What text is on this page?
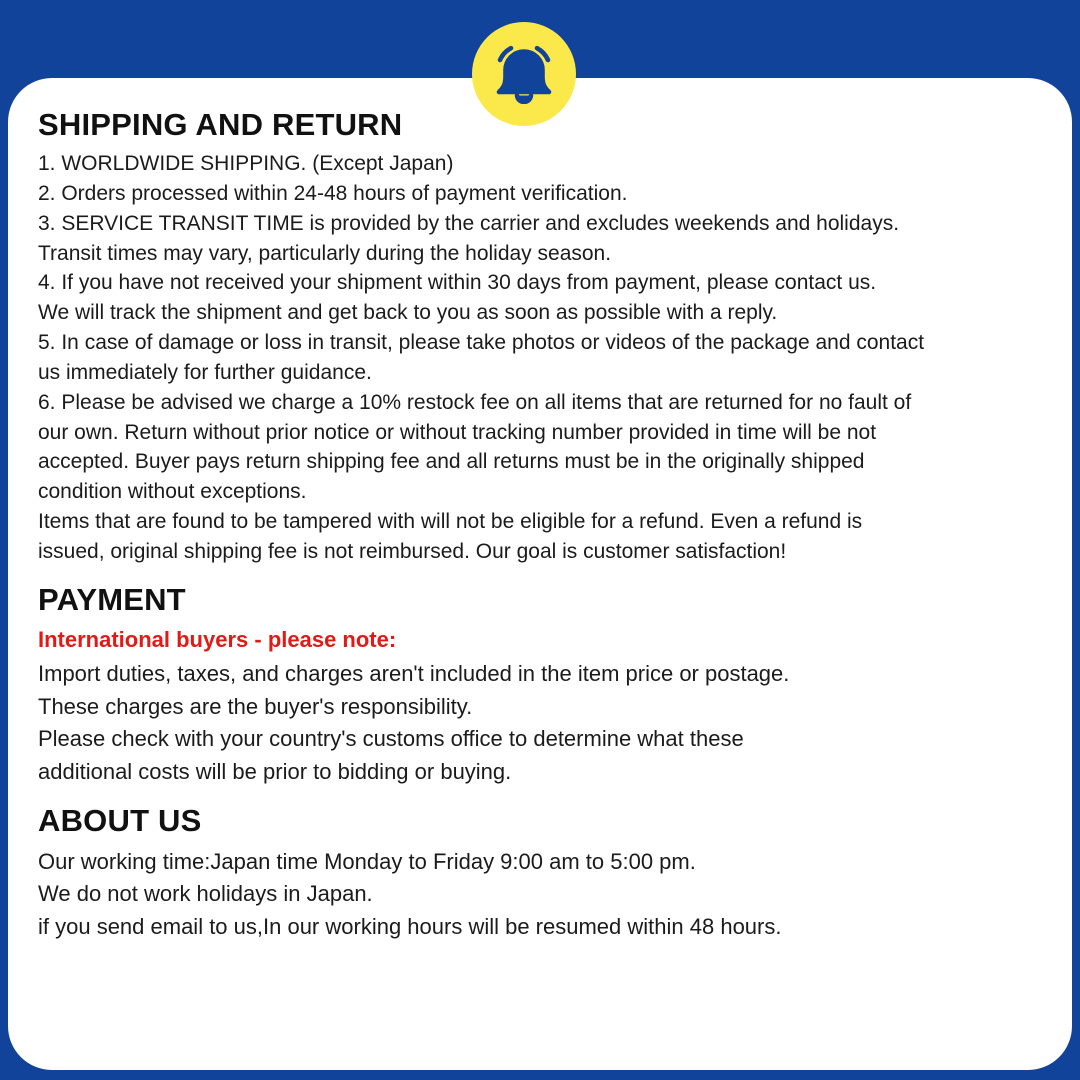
SHIPPING AND RETURN

1. WORLDWIDE SHIPPING. (Except Japan)

2. Orders processed within 24-48 hours of payment verification.

3. SERVICE TRANSIT TIME is provided by the carrier and excludes weekends and holidays.

Transit times may vary, particularly during the holiday season.

4. If you have not received your shipment within 30 days from payment, please contact us.

We will track the shipment and get back to you as soon as possible with a reply.

5. In case of damage or loss in transit, please take photos or videos of the package and contact

us immediately for further guidance.

6. Please be advised we charge a 10% restock fee on all items that are returned for no fault of

our own. Return without prior notice or without tracking number provided in time will be not

accepted. Buyer pays return shipping fee and all returns must be in the originally shipped

condition without exceptions.

Items that are found to be tampered with will not be eligible for a refund. Even a refund is

issued, original shipping fee is not reimbursed. Our goal is customer satisfaction!

PAYMENT

International buyers - please note:

Import duties, taxes, and charges aren't included in the item price or postage.

These charges are the buyer's responsibility.

Please check with your country's customs office to determine what these

additional costs will be prior to bidding or buying.

ABOUT US

Our working time:Japan time Monday to Friday 9:00 am to 5:00 pm.

We do not work holidays in Japan.

if you send email to us,In our working hours will be resumed within 48 hours.
